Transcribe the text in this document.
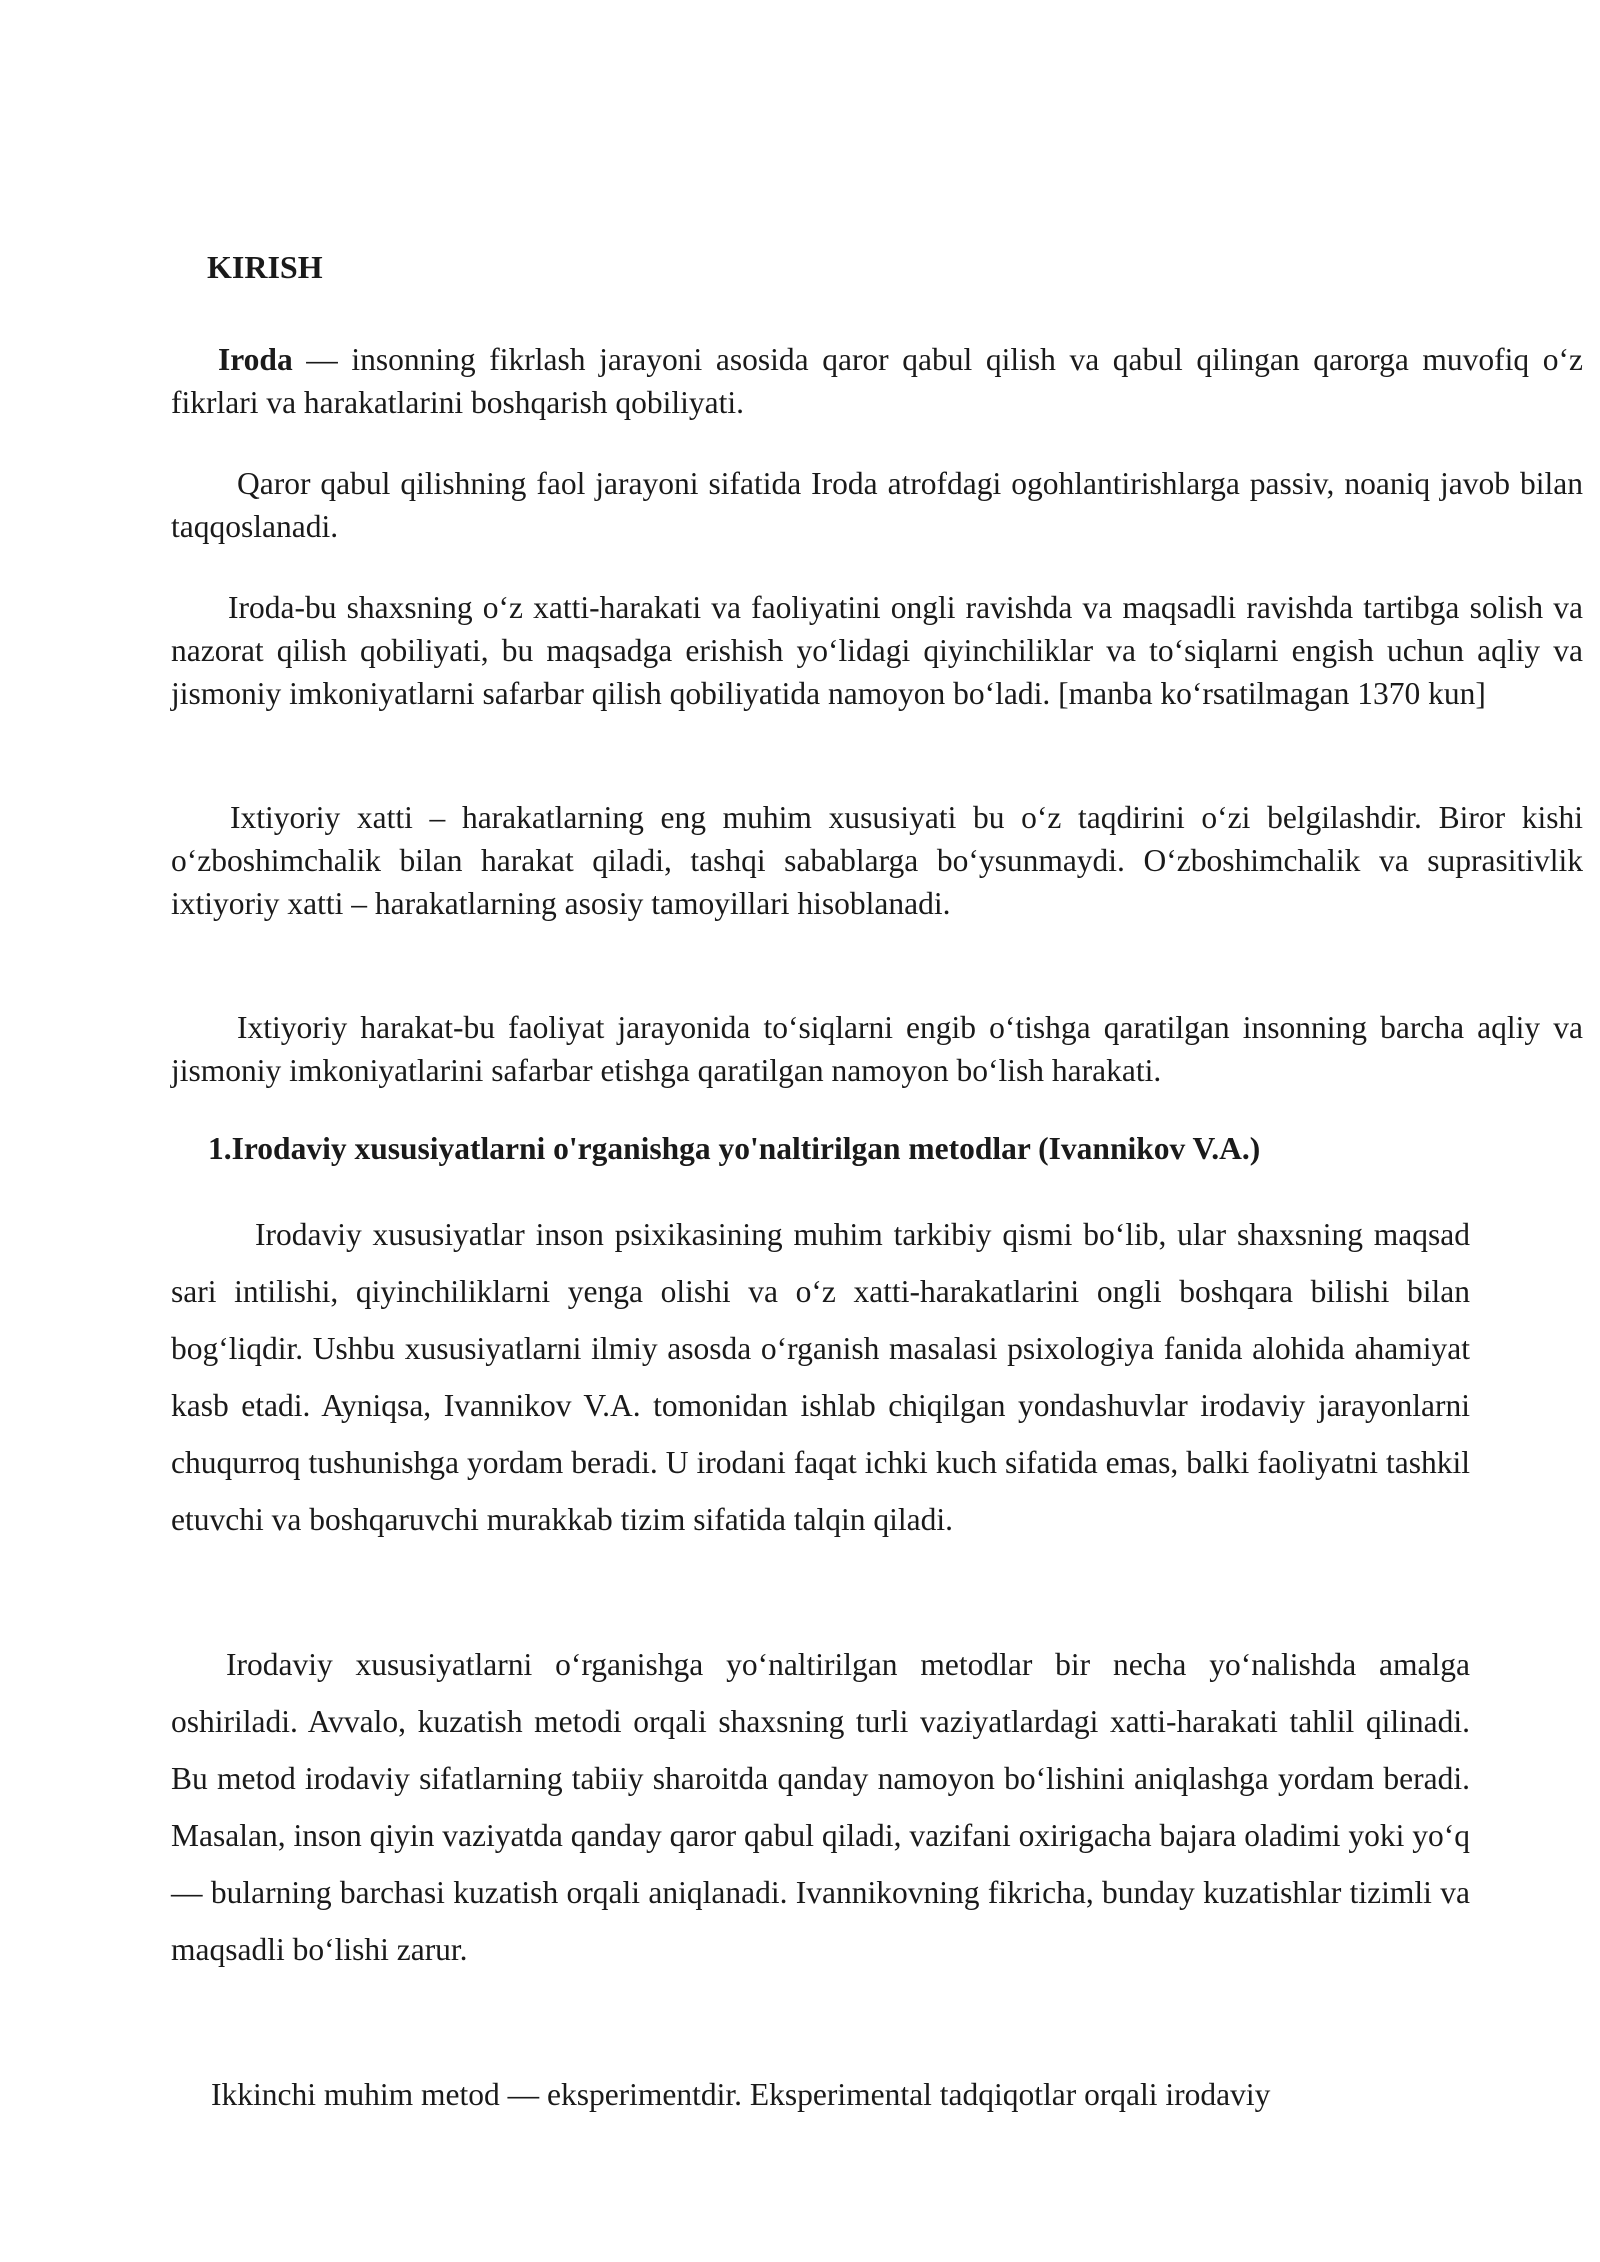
KIRISH

Iroda — insonning fikrlash jarayoni asosida qaror qabul qilish va qabul qilingan qarorga muvofiq o‘z fikrlari va harakatlarini boshqarish qobiliyati.

Qaror qabul qilishning faol jarayoni sifatida Iroda atrofdagi ogohlantirishlarga passiv, noaniq javob bilan taqqoslanadi.

Iroda-bu shaxsning o‘z xatti-harakati va faoliyatini ongli ravishda va maqsadli ravishda tartibga solish va nazorat qilish qobiliyati, bu maqsadga erishish yo‘lidagi qiyinchiliklar va to‘siqlarni engish uchun aqliy va jismoniy imkoniyatlarni safarbar qilish qobiliyatida namoyon bo‘ladi. [manba ko‘rsatilmagan 1370 kun]

Ixtiyoriy xatti – harakatlarning eng muhim xususiyati bu o‘z taqdirini o‘zi belgilashdir. Biror kishi o‘zboshimchalik bilan harakat qiladi, tashqi sabablarga bo‘ysunmaydi. O‘zboshimchalik va suprasitivlik ixtiyoriy xatti – harakatlarning asosiy tamoyillari hisoblanadi.

Ixtiyoriy harakat-bu faoliyat jarayonida to‘siqlarni engib o‘tishga qaratilgan insonning barcha aqliy va jismoniy imkoniyatlarini safarbar etishga qaratilgan namoyon bo‘lish harakati.

1.Irodaviy xususiyatlarni o'rganishga yo'naltirilgan metodlar (Ivannikov V.A.)

Irodaviy xususiyatlar inson psixikasining muhim tarkibiy qismi bo‘lib, ular shaxsning maqsad sari intilishi, qiyinchiliklarni yenga olishi va o‘z xatti-harakatlarini ongli boshqara bilishi bilan bog‘liqdir. Ushbu xususiyatlarni ilmiy asosda o‘rganish masalasi psixologiya fanida alohida ahamiyat kasb etadi. Ayniqsa, Ivannikov V.A. tomonidan ishlab chiqilgan yondashuvlar irodaviy jarayonlarni chuqurroq tushunishga yordam beradi. U irodani faqat ichki kuch sifatida emas, balki faoliyatni tashkil etuvchi va boshqaruvchi murakkab tizim sifatida talqin qiladi.

Irodaviy xususiyatlarni o‘rganishga yo‘naltirilgan metodlar bir necha yo‘nalishda amalga oshiriladi. Avvalo, kuzatish metodi orqali shaxsning turli vaziyatlardagi xatti-harakati tahlil qilinadi. Bu metod irodaviy sifatlarning tabiiy sharoitda qanday namoyon bo‘lishini aniqlashga yordam beradi. Masalan, inson qiyin vaziyatda qanday qaror qabul qiladi, vazifani oxirigacha bajara oladimi yoki yo‘q — bularning barchasi kuzatish orqali aniqlanadi. Ivannikovning fikricha, bunday kuzatishlar tizimli va maqsadli bo‘lishi zarur.

Ikkinchi muhim metod — eksperimentdir. Eksperimental tadqiqotlar orqali irodaviy
